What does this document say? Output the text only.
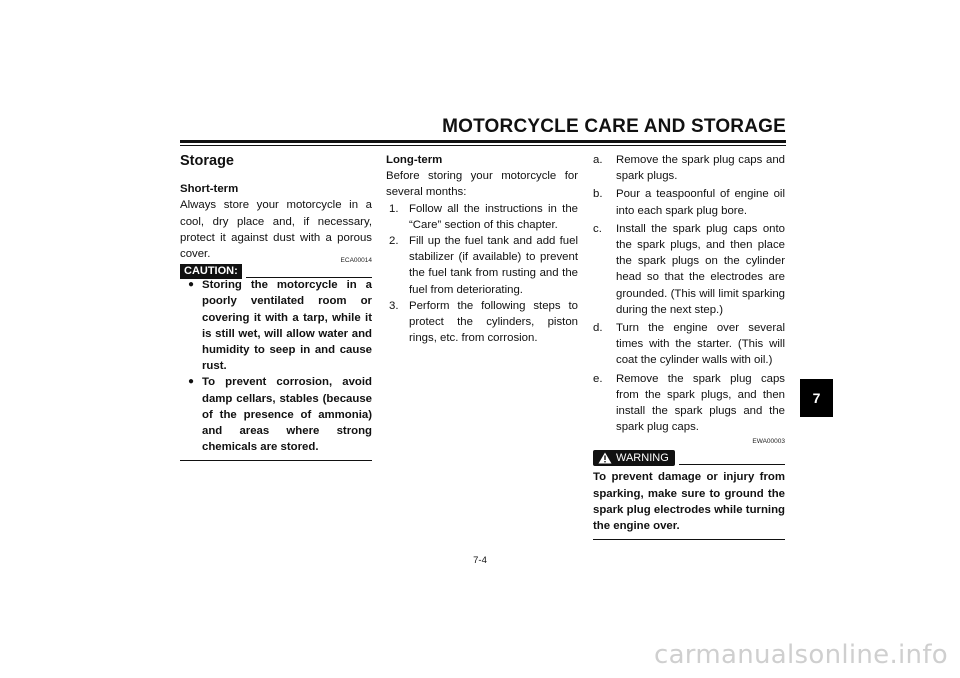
MOTORCYCLE CARE AND STORAGE
Storage
Short-term

Always store your motorcycle in a cool, dry place and, if necessary, protect it against dust with a porous cover.

CAUTION:
ECA00014
● Storing the motorcycle in a poorly ventilated room or covering it with a tarp, while it is still wet, will allow water and humidity to seep in and cause rust.
● To prevent corrosion, avoid damp cellars, stables (because of the presence of ammonia) and areas where strong chemicals are stored.
Long-term

Before storing your motorcycle for several months:

1. Follow all the instructions in the “Care” section of this chapter.
2. Fill up the fuel tank and add fuel stabilizer (if available) to prevent the fuel tank from rusting and the fuel from deteriorating.
3. Perform the following steps to protect the cylinders, piston rings, etc. from corrosion.
a. Remove the spark plug caps and spark plugs.
b. Pour a teaspoonful of engine oil into each spark plug bore.
c. Install the spark plug caps onto the spark plugs, and then place the spark plugs on the cylinder head so that the electrodes are grounded. (This will limit sparking during the next step.)
d. Turn the engine over several times with the starter. (This will coat the cylinder walls with oil.)
e. Remove the spark plug caps from the spark plugs, and then install the spark plugs and the spark plug caps.
EWA00003
WARNING
To prevent damage or injury from sparking, make sure to ground the spark plug electrodes while turning the engine over.
7-4
7
carmanualsonline.info
